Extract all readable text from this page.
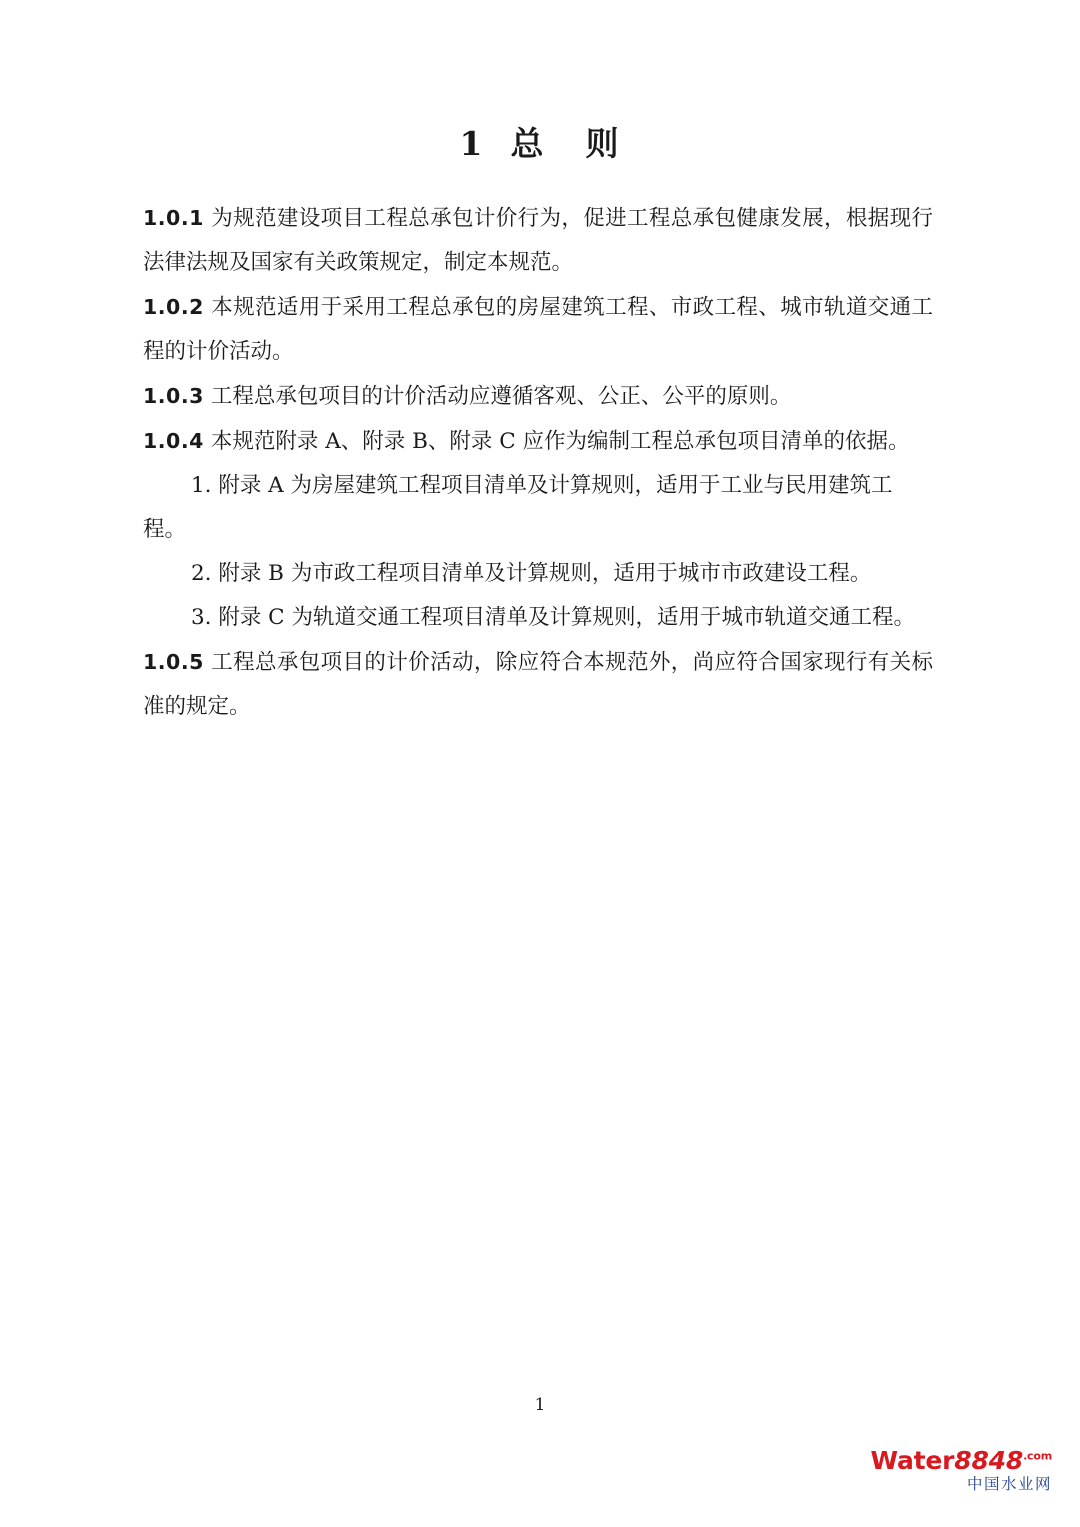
1 总 则

1.0.1 为规范建设项目工程总承包计价行为，促进工程总承包健康发展，根据现行法律法规及国家有关政策规定，制定本规范。

1.0.2 本规范适用于采用工程总承包的房屋建筑工程、市政工程、城市轨道交通工程的计价活动。

1.0.3 工程总承包项目的计价活动应遵循客观、公正、公平的原则。

1.0.4 本规范附录 A、附录 B、附录 C 应作为编制工程总承包项目清单的依据。

1. 附录 A 为房屋建筑工程项目清单及计算规则，适用于工业与民用建筑工程。

2. 附录 B 为市政工程项目清单及计算规则，适用于城市市政建设工程。

3. 附录 C 为轨道交通工程项目清单及计算规则，适用于城市轨道交通工程。

1.0.5 工程总承包项目的计价活动，除应符合本规范外，尚应符合国家现行有关标准的规定。

1
$Water8848^{.com}$
中国水业网
